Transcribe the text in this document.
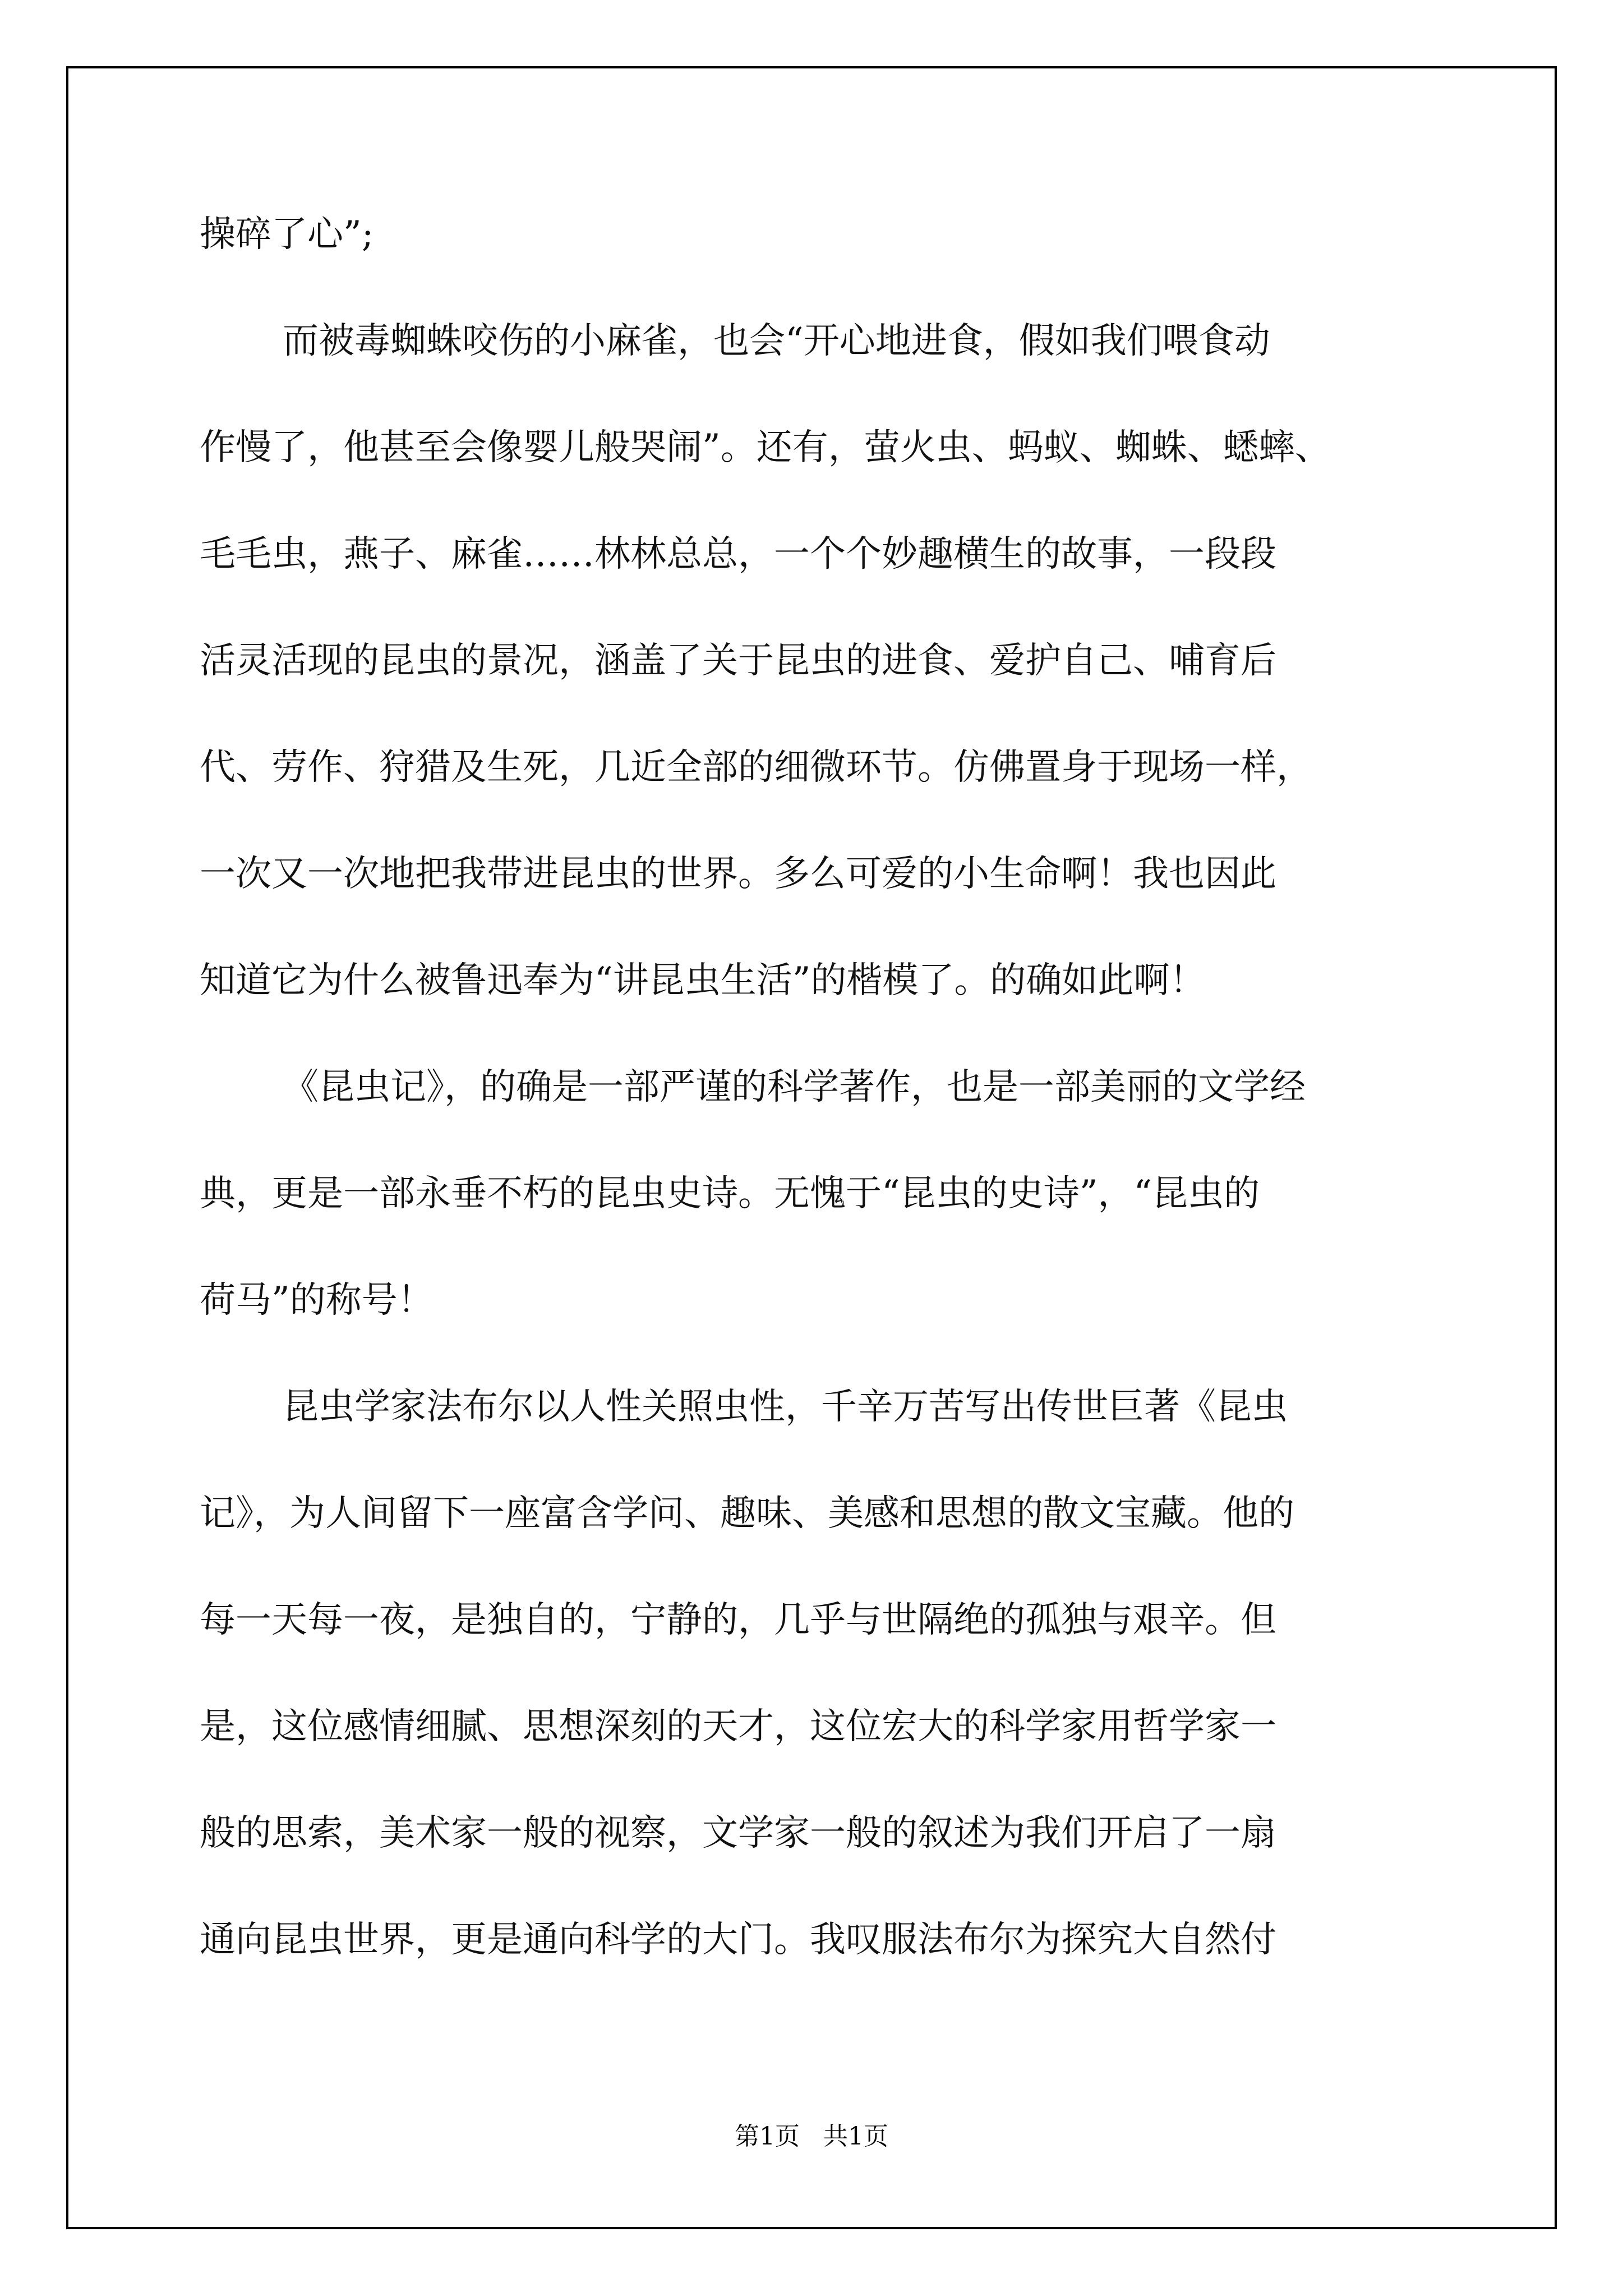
操碎了心”;
而被毒蜘蛛咬伤的小麻雀，也会“开心地进食，假如我们喂食动
作慢了，他甚至会像婴儿般哭闹”。还有，萤火虫、蚂蚁、蜘蛛、蟋蟀、
毛毛虫，燕子、麻雀……林林总总，一个个妙趣横生的故事，一段段
活灵活现的昆虫的景况，涵盖了关于昆虫的进食、爱护自己、哺育后
代、劳作、狩猎及生死，几近全部的细微环节。仿佛置身于现场一样，
一次又一次地把我带进昆虫的世界。多么可爱的小生命啊！我也因此
知道它为什么被鲁迅奉为“讲昆虫生活”的楷模了。的确如此啊！
《昆虫记》，的确是一部严谨的科学著作，也是一部美丽的文学经
典，更是一部永垂不朽的昆虫史诗。无愧于“昆虫的史诗”，“昆虫的
荷马”的称号！
昆虫学家法布尔以人性关照虫性，千辛万苦写出传世巨著《昆虫
记》，为人间留下一座富含学问、趣味、美感和思想的散文宝藏。他的
每一天每一夜，是独自的，宁静的，几乎与世隔绝的孤独与艰辛。但
是，这位感情细腻、思想深刻的天才，这位宏大的科学家用哲学家一
般的思索，美术家一般的视察，文学家一般的叙述为我们开启了一扇
通向昆虫世界，更是通向科学的大门。我叹服法布尔为探究大自然付
第1页   共1页
